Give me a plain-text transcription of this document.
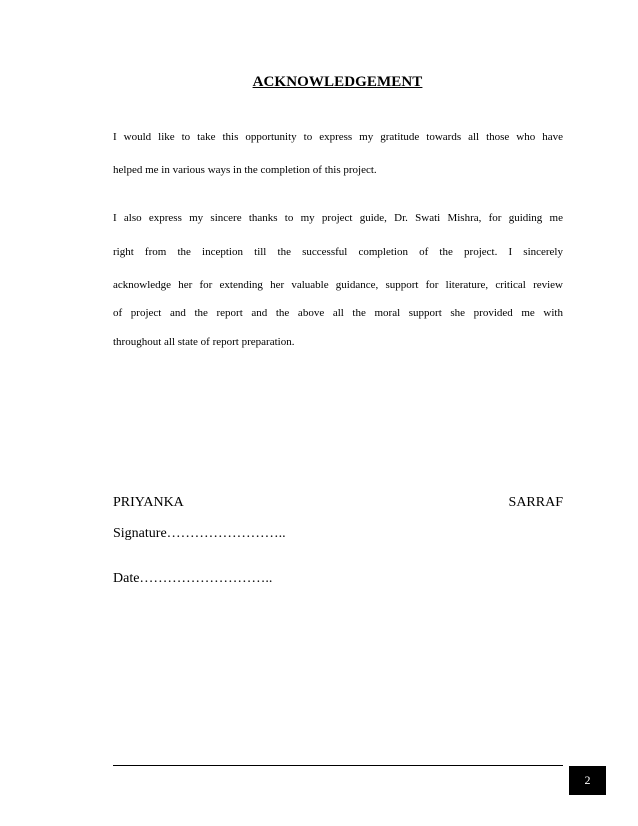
ACKNOWLEDGEMENT
I would like to take this opportunity to express my gratitude towards all those who have
helped me in various ways in the completion of this project.
I also express my sincere thanks to my project guide, Dr. Swati Mishra, for guiding me
right from the inception till the successful completion of the project. I sincerely
acknowledge her for extending her valuable guidance, support for literature, critical review
of project and the report and the above all the moral support she provided me with
throughout all state of report preparation.
PRIYANKA	SARRAF
Signature……………………..
Date………………………..
2
